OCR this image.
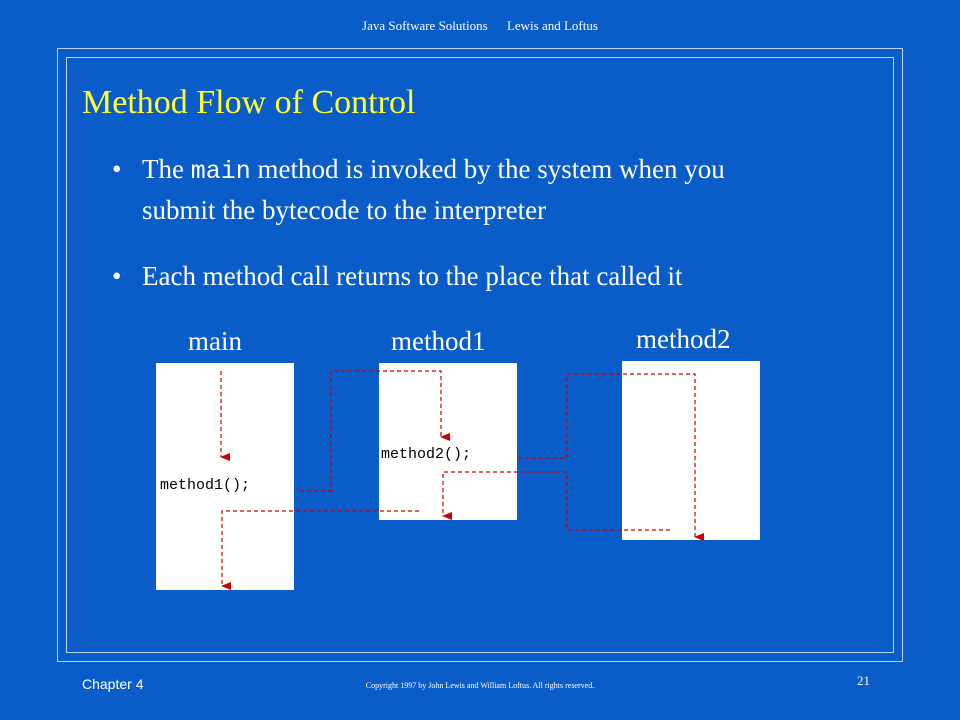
Java Software Solutions Lewis and Loftus
Method Flow of Control
• The main method is invoked by the system when you
submit the bytecode to the interpreter
• Each method call returns to the place that called it
main	method1	method2
method1();
method2();
Chapter 4	Copyright 1997 by John Lewis and William Loftus. All rights reserved.	21
